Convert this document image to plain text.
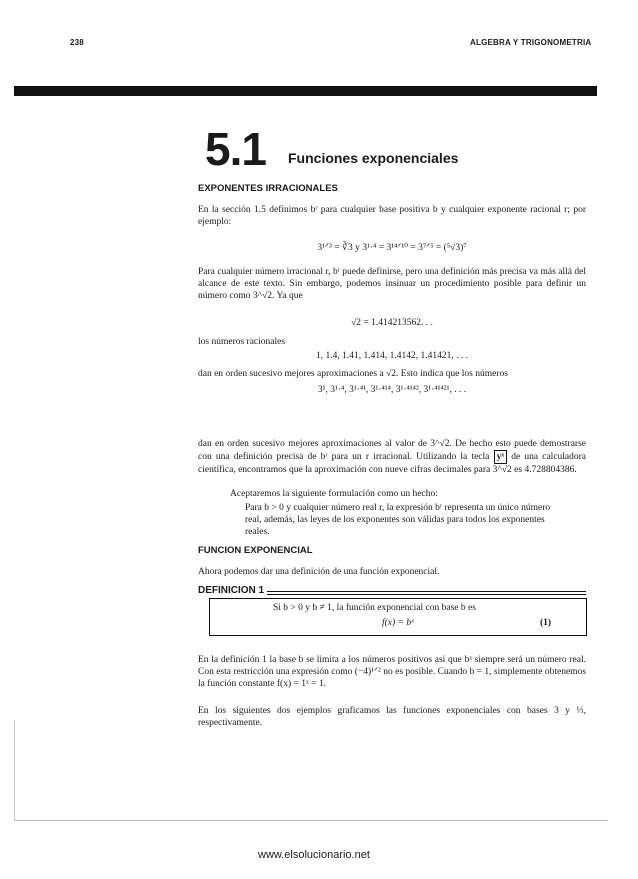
238	ALGEBRA Y TRIGONOMETRIA
5.1 Funciones exponenciales
EXPONENTES IRRACIONALES
En la sección 1.5 definimos bʳ para cualquier base positiva b y cualquier exponente racional r; por ejemplo:
3¹ᐟ³ = ∛3 y 3¹·⁴ = 3¹⁴ᐟ¹⁰ = 3⁷ᐟ⁵ = (⁵√3)⁷
Para cualquier número irracional r, bʳ puede definirse, pero una definición más precisa va más allá del alcance de este texto. Sin embargo, podemos insinuar un procedimiento posible para definir un número como 3^√2. Ya que
√2 = 1.414213562. . .
los números racionales
1, 1.4, 1.41, 1.414, 1.4142, 1.41421, . . .
dan en orden sucesivo mejores aproximaciones a √2. Esto indica que los números
3¹, 3¹·⁴, 3¹·⁴¹, 3¹·⁴¹⁴, 3¹·⁴¹⁴², 3¹·⁴¹⁴²¹, . . .
dan en orden sucesivo mejores aproximaciones al valor de 3^√2. De hecho esto puede demostrarse con una definición precisa de bʳ para un r irracional. Utilizando la tecla yˣ de una calculadora científica, encontramos que la aproximación con nueve cifras decimales para 3^√2 es 4.728804386.
Aceptaremos la siguiente formulación como un hecho:
Para b > 0 y cualquier número real r, la expresión bʳ representa un único número real, además, las leyes de los exponentes son válidas para todos los exponentes reales.
FUNCION EXPONENCIAL
Ahora podemos dar una definición de una función exponencial.
DEFINICION 1
Si b > 0 y b ≠ 1, la función exponencial con base b es
f(x) = bˣ	(1)
En la definición 1 la base b se limita a los números positivos así que bˣ siempre será un número real. Con esta restricción una expresión como (−4)¹ᐟ² no es posible. Cuando b = 1, simplemente obtenemos la función constante f(x) = 1ˣ = 1.
En los siguientes dos ejemplos graficamos las funciones exponenciales con bases 3 y ⅓, respectivamente.
www.elsolucionario.net
